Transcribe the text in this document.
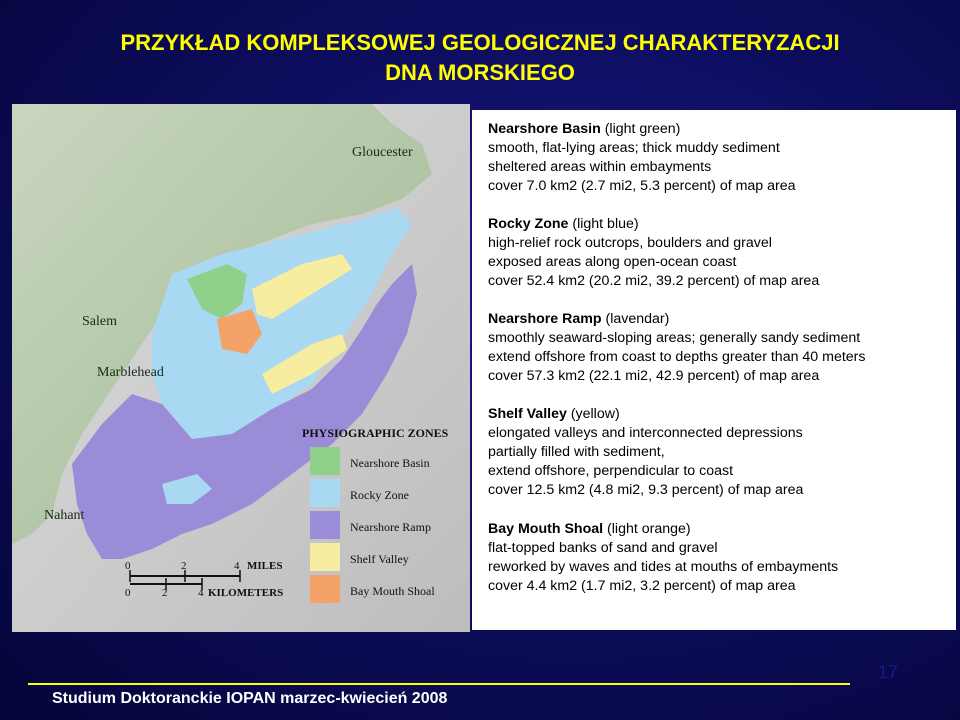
PRZYKŁAD KOMPLEKSOWEJ GEOLOGICZNEJ CHARAKTERYZACJI
DNA MORSKIEGO
Gloucester
Salem
Marblehead
Nahant
PHYSIOGRAPHIC ZONES
Nearshore Basin
Rocky Zone
Nearshore Ramp
Shelf Valley
Bay Mouth Shoal
0	2	4 MILES
0	2	4 KILOMETERS
Nearshore Basin (light green)
smooth, flat-lying areas; thick muddy sediment
sheltered areas within embayments
cover 7.0 km2 (2.7 mi2, 5.3 percent) of map area
Rocky Zone (light blue)
high-relief rock outcrops, boulders and gravel
exposed areas along open-ocean coast
cover 52.4 km2 (20.2 mi2, 39.2 percent) of map area
Nearshore Ramp (lavendar)
smoothly seaward-sloping areas; generally sandy sediment
extend offshore from coast to depths greater than 40 meters
cover 57.3 km2 (22.1 mi2, 42.9 percent) of map area
Shelf Valley (yellow)
elongated valleys and interconnected depressions
partially filled with sediment,
extend offshore, perpendicular to coast
cover 12.5 km2 (4.8 mi2, 9.3 percent) of map area
Bay Mouth Shoal (light orange)
flat-topped banks of sand and gravel
reworked by waves and tides at mouths of embayments
cover 4.4 km2 (1.7 mi2, 3.2 percent) of map area
17
Studium Doktoranckie IOPAN marzec-kwiecień 2008
